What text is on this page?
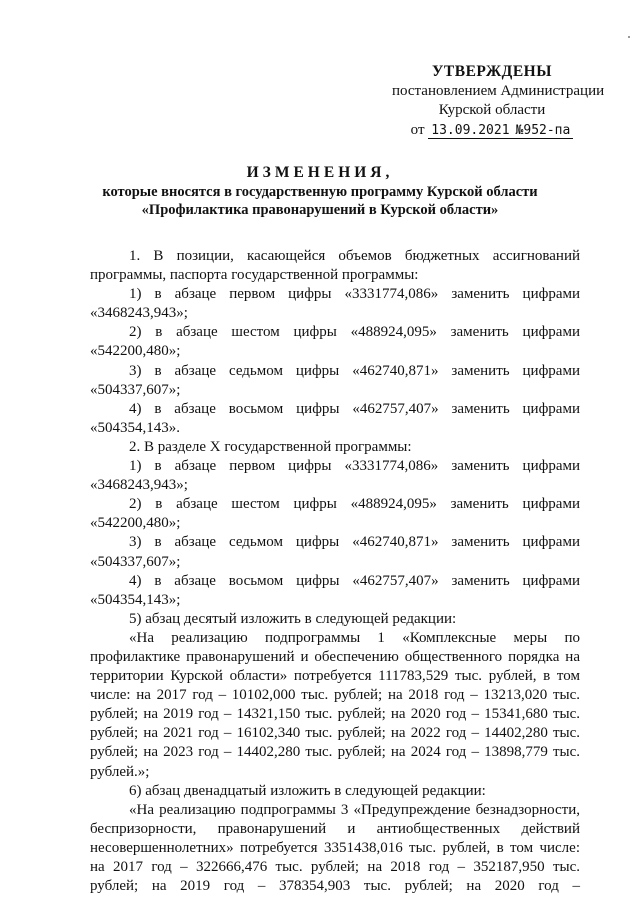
УТВЕРЖДЕНЫ
постановлением Администрации
Курской области
от 13.09.2021 №952-па
ИЗМЕНЕНИЯ,
которые вносятся в государственную программу Курской области
«Профилактика правонарушений в Курской области»
1. В позиции, касающейся объемов бюджетных ассигнований
программы, паспорта государственной программы:
1) в абзаце первом цифры «3331774,086» заменить цифрами
«3468243,943»;
2) в абзаце шестом цифры «488924,095» заменить цифрами
«542200,480»;
3) в абзаце седьмом цифры «462740,871» заменить цифрами
«504337,607»;
4) в абзаце восьмом цифры «462757,407» заменить цифрами
«504354,143».
2. В разделе X государственной программы:
1) в абзаце первом цифры «3331774,086» заменить цифрами
«3468243,943»;
2) в абзаце шестом цифры «488924,095» заменить цифрами
«542200,480»;
3) в абзаце седьмом цифры «462740,871» заменить цифрами
«504337,607»;
4) в абзаце восьмом цифры «462757,407» заменить цифрами
«504354,143»;
5) абзац десятый изложить в следующей редакции:
«На реализацию подпрограммы 1 «Комплексные меры по
профилактике правонарушений и обеспечению общественного порядка на
территории Курской области» потребуется 111783,529 тыс. рублей, в том
числе: на 2017 год – 10102,000 тыс. рублей; на 2018 год – 13213,020 тыс.
рублей; на 2019 год – 14321,150 тыс. рублей; на 2020 год – 15341,680 тыс.
рублей; на 2021 год – 16102,340 тыс. рублей; на 2022 год – 14402,280 тыс.
рублей; на 2023 год – 14402,280 тыс. рублей; на 2024 год – 13898,779 тыс.
рублей.»;
6) абзац двенадцатый изложить в следующей редакции:
«На реализацию подпрограммы 3 «Предупреждение безнадзорности,
беспризорности, правонарушений и антиобщественных действий
несовершеннолетних» потребуется 3351438,016 тыс. рублей, в том числе:
на 2017 год – 322666,476 тыс. рублей; на 2018 год – 352187,950 тыс.
рублей; на 2019 год – 378354,903 тыс. рублей; на 2020 год –
